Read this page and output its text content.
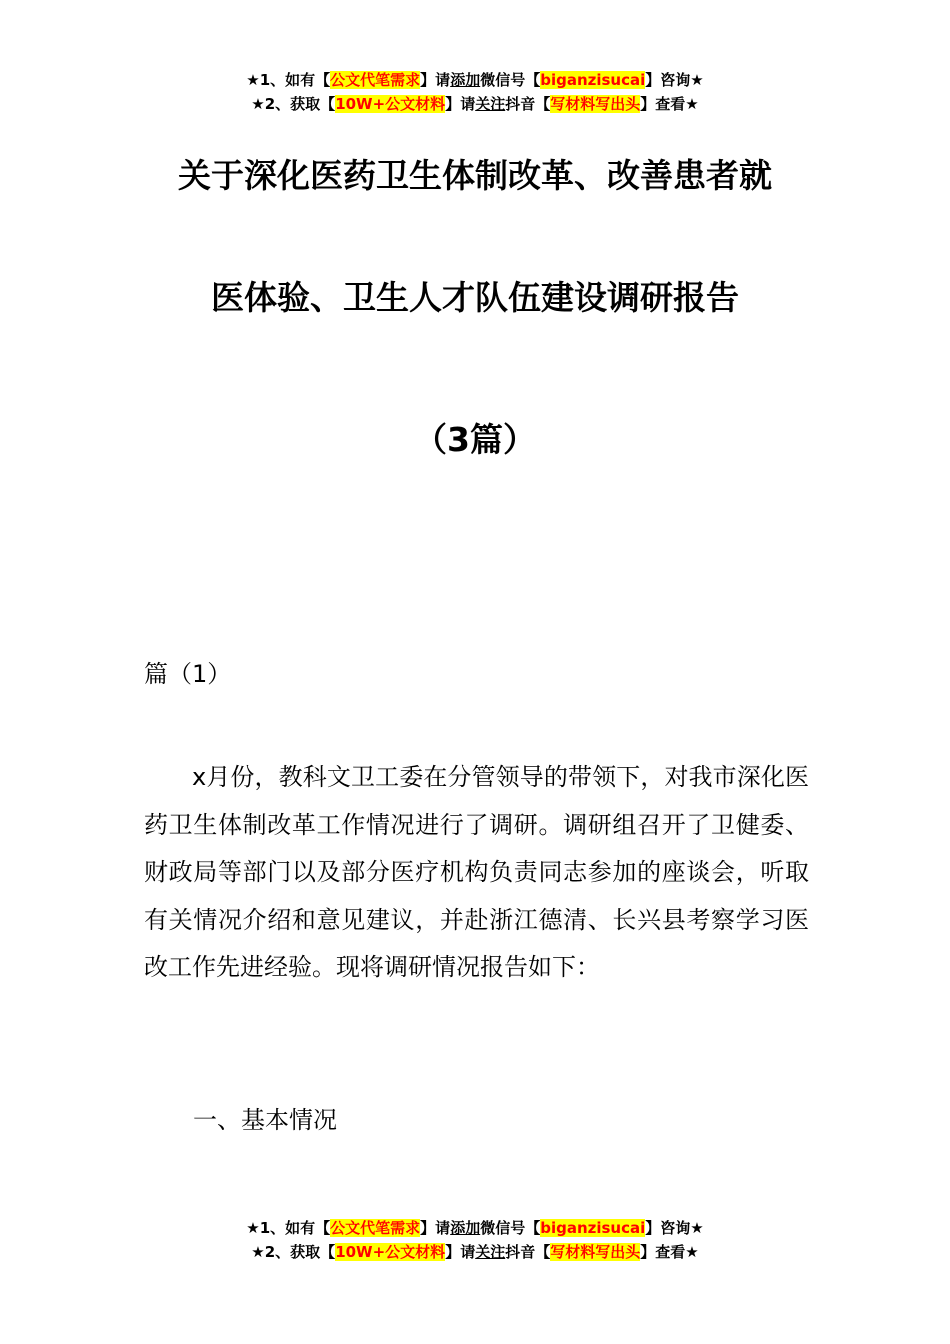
★1、如有【公文代笔需求】请添加微信号【biganzisucai】咨询★
★2、获取【10W+公文材料】请关注抖音【写材料写出头】查看★
关于深化医药卫生体制改革、改善患者就
医体验、卫生人才队伍建设调研报告
（3篇）
篇（1）

x月份，教科文卫工委在分管领导的带领下，对我市深化医药卫生体制改革工作情况进行了调研。调研组召开了卫健委、财政局等部门以及部分医疗机构负责同志参加的座谈会，听取有关情况介绍和意见建议，并赴浙江德清、长兴县考察学习医改工作先进经验。现将调研情况报告如下：

一、基本情况
★1、如有【公文代笔需求】请添加微信号【biganzisucai】咨询★
★2、获取【10W+公文材料】请关注抖音【写材料写出头】查看★
